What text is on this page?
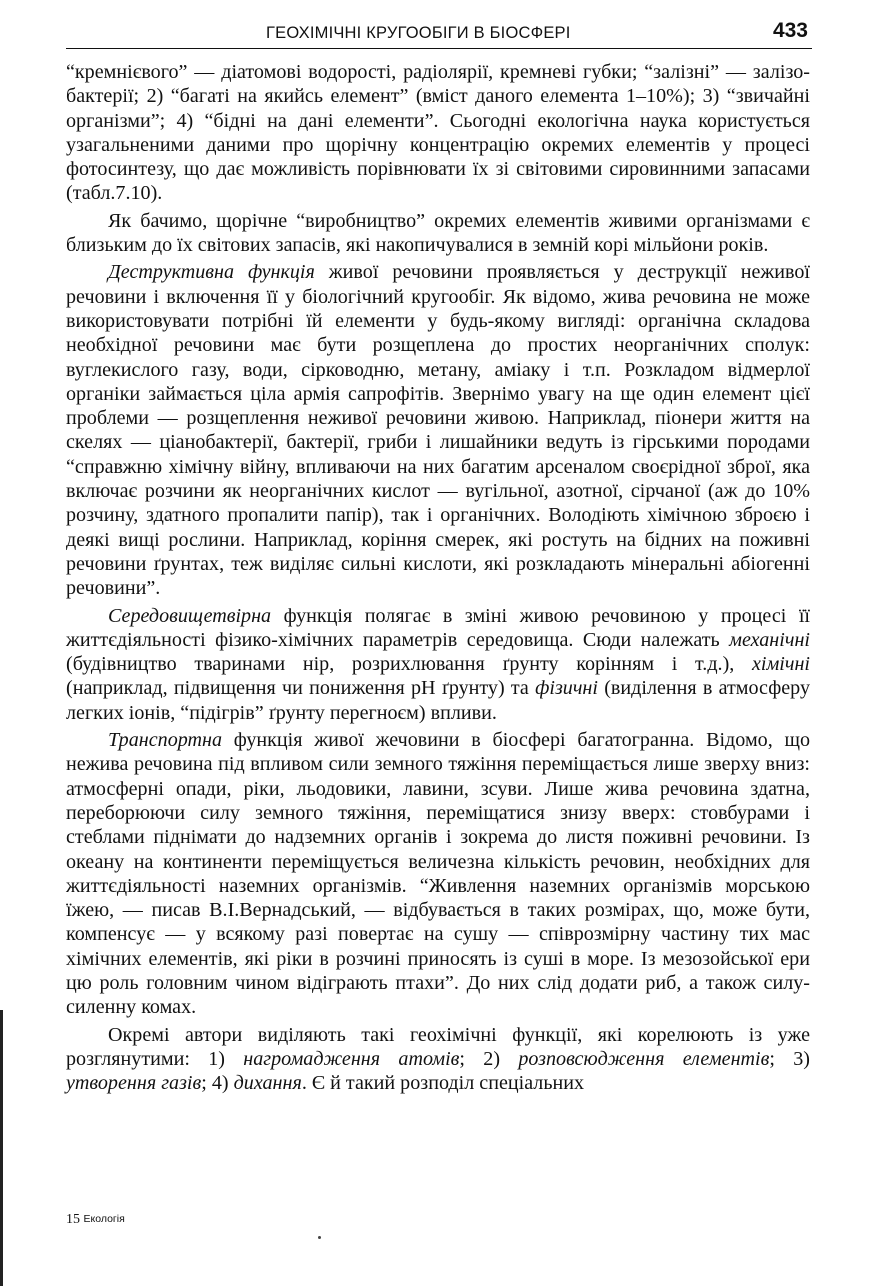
ГЕОХІМІЧНІ КРУГООБІГИ В БІОСФЕРІ	433

“кремнієвого” — діатомові водорості, радіолярії, кремневі губки; “залізні” — залізо-бактерії; 2) “багаті на якийсь елемент” (вміст даного елемента 1–10%); 3) “звичайні організми”; 4) “бідні на дані елементи”. Сьогодні екологічна наука користується узагальненими даними про щорічну концентрацію окремих елементів у процесі фотосинтезу, що дає можливість порівнювати їх зі світовими сировинними запасами (табл.7.10).

Як бачимо, щорічне “виробництво” окремих елементів живими організмами є близьким до їх світових запасів, які накопичувалися в земній корі мільйони років.

Деструктивна функція живої речовини проявляється у деструкції неживої речовини і включення її у біологічний кругообіг. Як відомо, жива речовина не може використовувати потрібні їй елементи у будь-якому вигляді: органічна складова необхідної речовини має бути розщеплена до простих неорганічних сполук: вуглекислого газу, води, сірководню, метану, аміаку і т.п. Розкладом відмерлої органіки займається ціла армія сапрофітів. Звернімо увагу на ще один елемент цієї проблеми — розщеплення неживої речовини живою. Наприклад, піонери життя на скелях — ціанобактерії, бактерії, гриби і лишайники ведуть із гірськими породами “справжню хімічну війну, впливаючи на них багатим арсеналом своєрідної зброї, яка включає розчини як неорганічних кислот — вугільної, азотної, сірчаної (аж до 10% розчину, здатного пропалити папір), так і органічних. Володіють хімічною зброєю і деякі вищі рослини. Наприклад, коріння смерек, які ростуть на бідних на поживні речовини ґрунтах, теж виділяє сильні кислоти, які розкладають мінеральні абіогенні речовини”.

Середовищетвірна функція полягає в зміні живою речовиною у процесі її життєдіяльності фізико-хімічних параметрів середовища. Сюди належать механічні (будівництво тваринами нір, розрихлювання ґрунту корінням і т.д.), хімічні (наприклад, підвищення чи пониження pH ґрунту) та фізичні (виділення в атмосферу легких іонів, “підігрів” ґрунту перегноєм) впливи.

Транспортна функція живої жечовини в біосфері багатогранна. Відомо, що нежива речовина під впливом сили земного тяжіння переміщається лише зверху вниз: атмосферні опади, ріки, льодовики, лавини, зсуви. Лише жива речовина здатна, переборюючи силу земного тяжіння, переміщатися знизу вверх: стовбурами і стеблами піднімати до надземних органів і зокрема до листя поживні речовини. Із океану на континенти переміщується величезна кількість речовин, необхідних для життєдіяльності наземних організмів. “Живлення наземних організмів морською їжею, — писав В.І.Вернадський, — відбувається в таких розмірах, що, може бути, компенсує — у всякому разі повертає на сушу — співрозмірну частину тих мас хімічних елементів, які ріки в розчині приносять із суші в море. Із мезозойської ери цю роль головним чином відіграють птахи”. До них слід додати риб, а також силу-силенну комах.

Окремі автори виділяють такі геохімічні функції, які корелюють із уже розглянутими: 1) нагромадження атомів; 2) розповсюдження елементів; 3) утворення газів; 4) дихання. Є й такий розподіл спеціальних

15 Екологія
